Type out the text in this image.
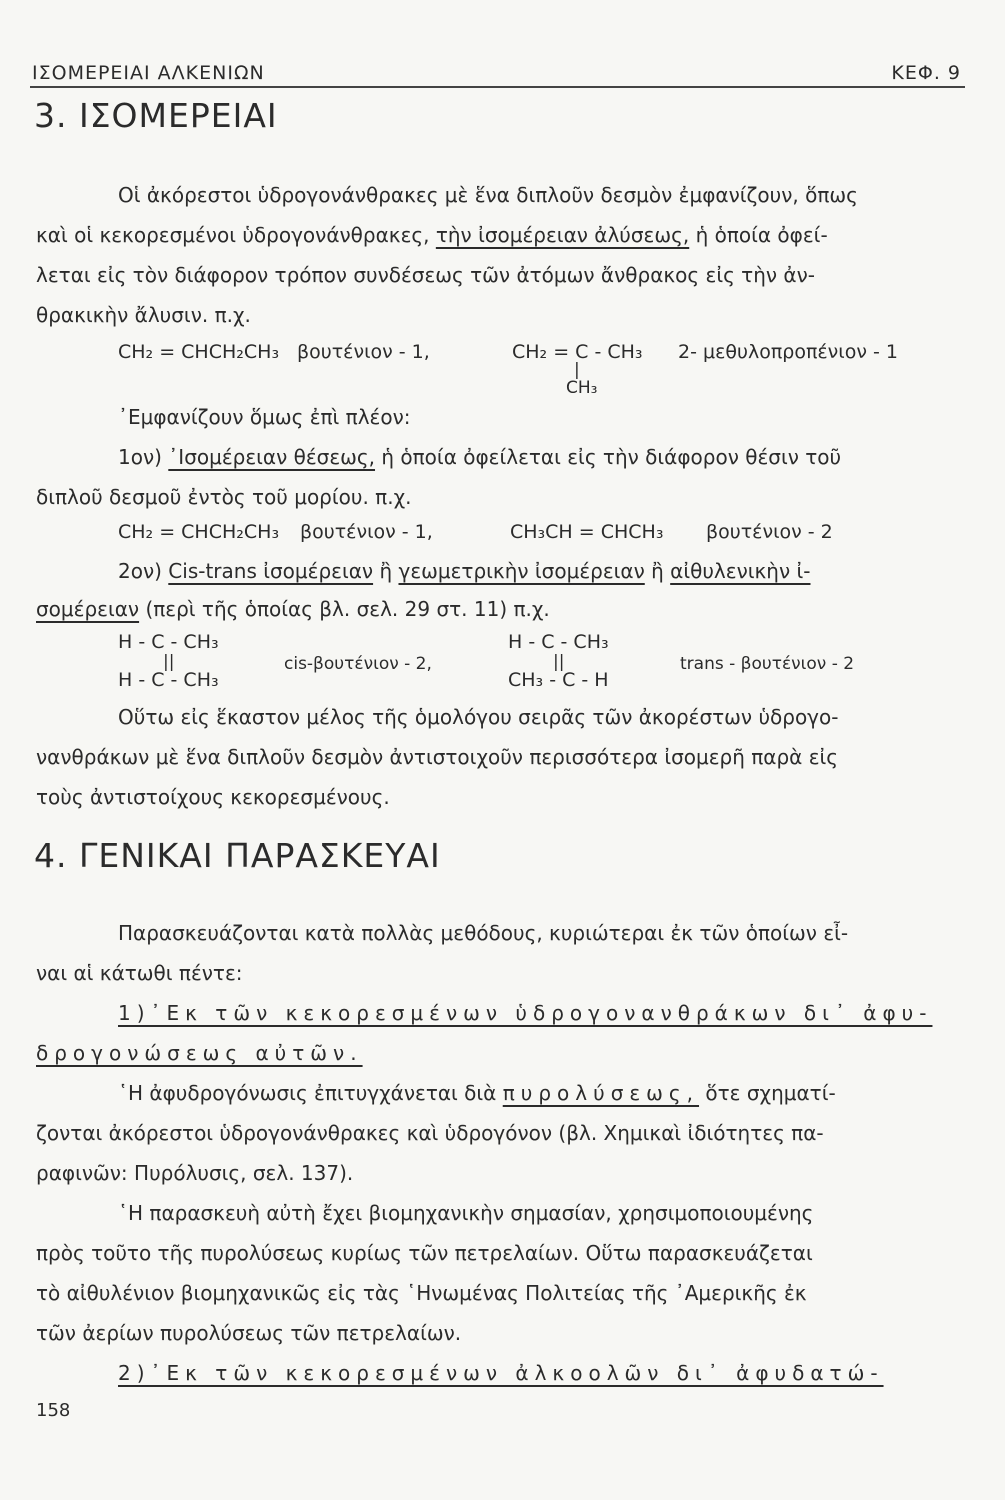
ΙΣΟΜΕΡΕΙΑΙ ΑΛΚΕΝΙΩΝ	ΚΕΦ. 9
3. ΙΣΟΜΕΡΕΙΑΙ
Οἱ ἀκόρεστοι ὑδρογονάνθρακες μὲ ἕνα διπλοῦν δεσμὸν ἐμφανίζουν, ὅπως
καὶ οἱ κεκορεσμένοι ὑδρογονάνθρακες, τὴν ἰσομέρειαν ἀλύσεως, ἡ ὁποία ὀφεί-
λεται εἰς τὸν διάφορον τρόπον συνδέσεως τῶν ἀτόμων ἄνθρακος εἰς τὴν ἀν-
θρακικὴν ἄλυσιν. π.χ.
CH₂ = CHCH₂CH₃ βουτένιον - 1,	CH₂ = C - CH₃ 2- μεθυλοπροπένιον - 1
|
CH₃
᾿Εμφανίζουν ὅμως ἐπὶ πλέον:
1ον) ᾿Ισομέρειαν θέσεως, ἡ ὁποία ὀφείλεται εἰς τὴν διάφορον θέσιν τοῦ
διπλοῦ δεσμοῦ ἐντὸς τοῦ μορίου. π.χ.
CH₂ = CHCH₂CH₃ βουτένιον - 1,	CH₃CH = CHCH₃ βουτένιον - 2
2ον) Cis-trans ἰσομέρειαν ἢ γεωμετρικὴν ἰσομέρειαν ἢ αἰθυλενικὴν ἰ-
σομέρειαν (περὶ τῆς ὁποίας βλ. σελ. 29 στ. 11) π.χ.
H - C - CH₃
||
H - C - CH₃
cis-βουτένιον - 2,
H - C - CH₃
||
CH₃ - C - H
trans - βουτένιον - 2
Οὕτω εἰς ἕκαστον μέλος τῆς ὁμολόγου σειρᾶς τῶν ἀκορέστων ὑδρογο-
νανθράκων μὲ ἕνα διπλοῦν δεσμὸν ἀντιστοιχοῦν περισσότερα ἰσομερῆ παρὰ εἰς
τοὺς ἀντιστοίχους κεκορεσμένους.
4. ΓΕΝΙΚΑΙ ΠΑΡΑΣΚΕΥΑΙ
Παρασκευάζονται κατὰ πολλὰς μεθόδους, κυριώτεραι ἐκ τῶν ὁποίων εἶ-
ναι αἱ κάτωθι πέντε:
1)᾿Εκ τῶν κεκορεσμένων ὑδρογονανθράκων δι᾿ ἀφυ-
δρογονώσεως αὐτῶν.
῾Η ἀφυδρογόνωσις ἐπιτυγχάνεται διὰ πυρολύσεως, ὅτε σχηματί-
ζονται ἀκόρεστοι ὑδρογονάνθρακες καὶ ὑδρογόνον (βλ. Χημικαὶ ἰδιότητες πα-
ραφινῶν: Πυρόλυσις, σελ. 137).
῾Η παρασκευὴ αὐτὴ ἔχει βιομηχανικὴν σημασίαν, χρησιμοποιουμένης
πρὸς τοῦτο τῆς πυρολύσεως κυρίως τῶν πετρελαίων. Οὕτω παρασκευάζεται
τὸ αἰθυλένιον βιομηχανικῶς εἰς τὰς ῾Ηνωμένας Πολιτείας τῆς ᾿Αμερικῆς ἐκ
τῶν ἀερίων πυρολύσεως τῶν πετρελαίων.
2)᾿Εκ τῶν κεκορεσμένων ἀλκοολῶν δι᾿ ἀφυδατώ-
158
